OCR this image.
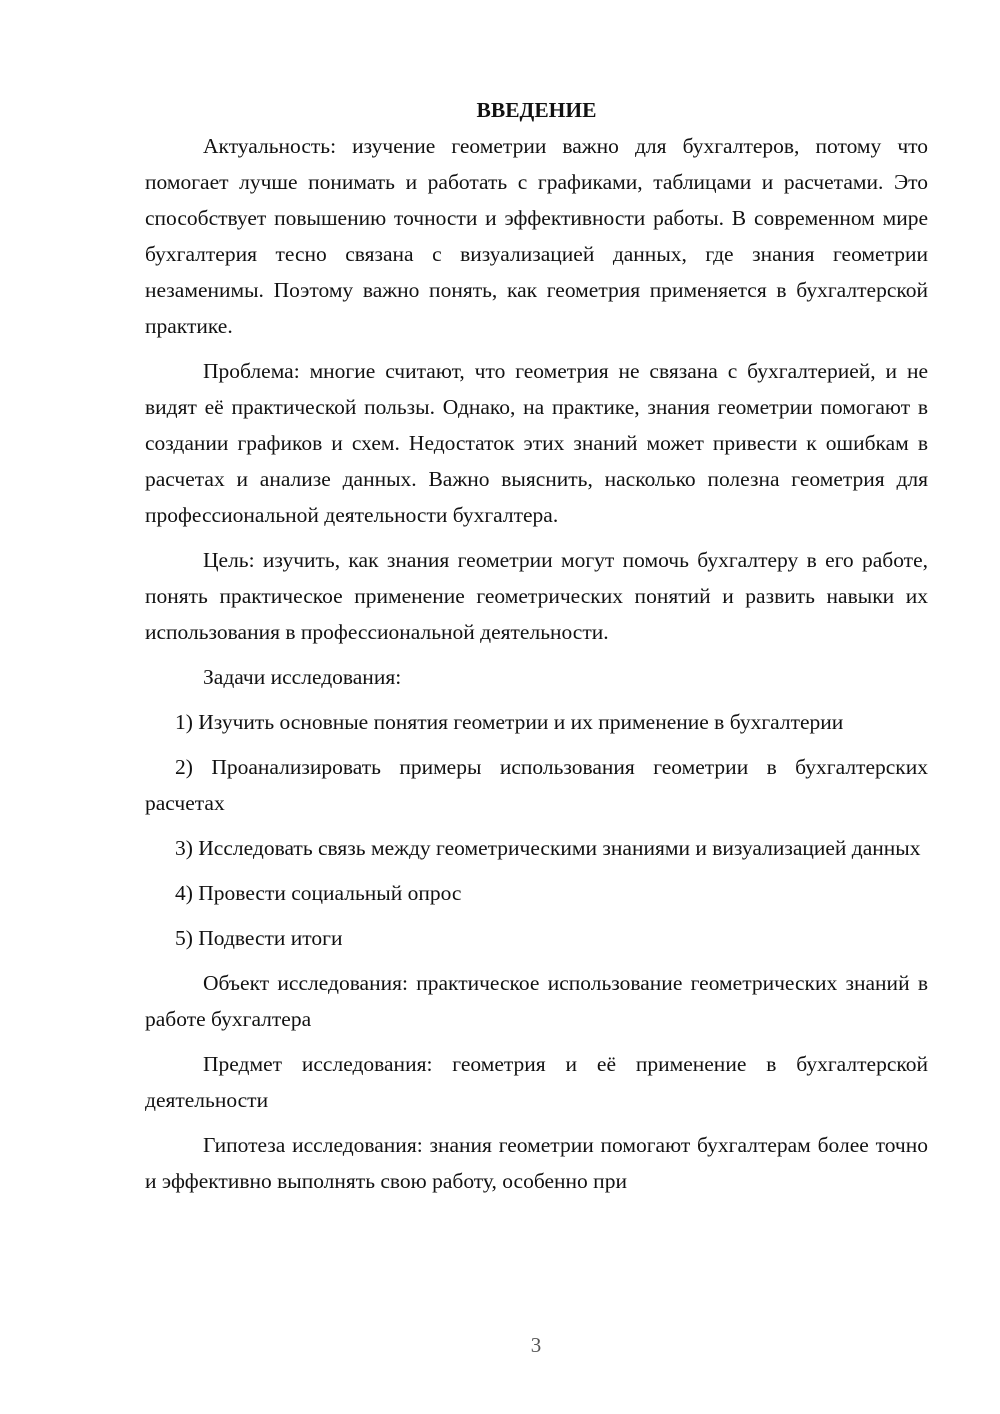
ВВЕДЕНИЕ

Актуальность: изучение геометрии важно для бухгалтеров, потому что помогает лучше понимать и работать с графиками, таблицами и расчетами. Это способствует повышению точности и эффективности работы. В современном мире бухгалтерия тесно связана с визуализацией данных, где знания геометрии незаменимы. Поэтому важно понять, как геометрия применяется в бухгалтерской практике.

Проблема: многие считают, что геометрия не связана с бухгалтерией, и не видят её практической пользы. Однако, на практике, знания геометрии помогают в создании графиков и схем. Недостаток этих знаний может привести к ошибкам в расчетах и анализе данных. Важно выяснить, насколько полезна геометрия для профессиональной деятельности бухгалтера.

Цель: изучить, как знания геометрии могут помочь бухгалтеру в его работе, понять практическое применение геометрических понятий и развить навыки их использования в профессиональной деятельности.

Задачи исследования:

1) Изучить основные понятия геометрии и их применение в бухгалтерии

2) Проанализировать примеры использования геометрии в бухгалтерских расчетах

3) Исследовать связь между геометрическими знаниями и визуализацией данных

4) Провести социальный опрос

5) Подвести итоги

Объект исследования: практическое использование геометрических знаний в работе бухгалтера

Предмет исследования: геометрия и её применение в бухгалтерской деятельности

Гипотеза исследования: знания геометрии помогают бухгалтерам более точно и эффективно выполнять свою работу, особенно при

3
